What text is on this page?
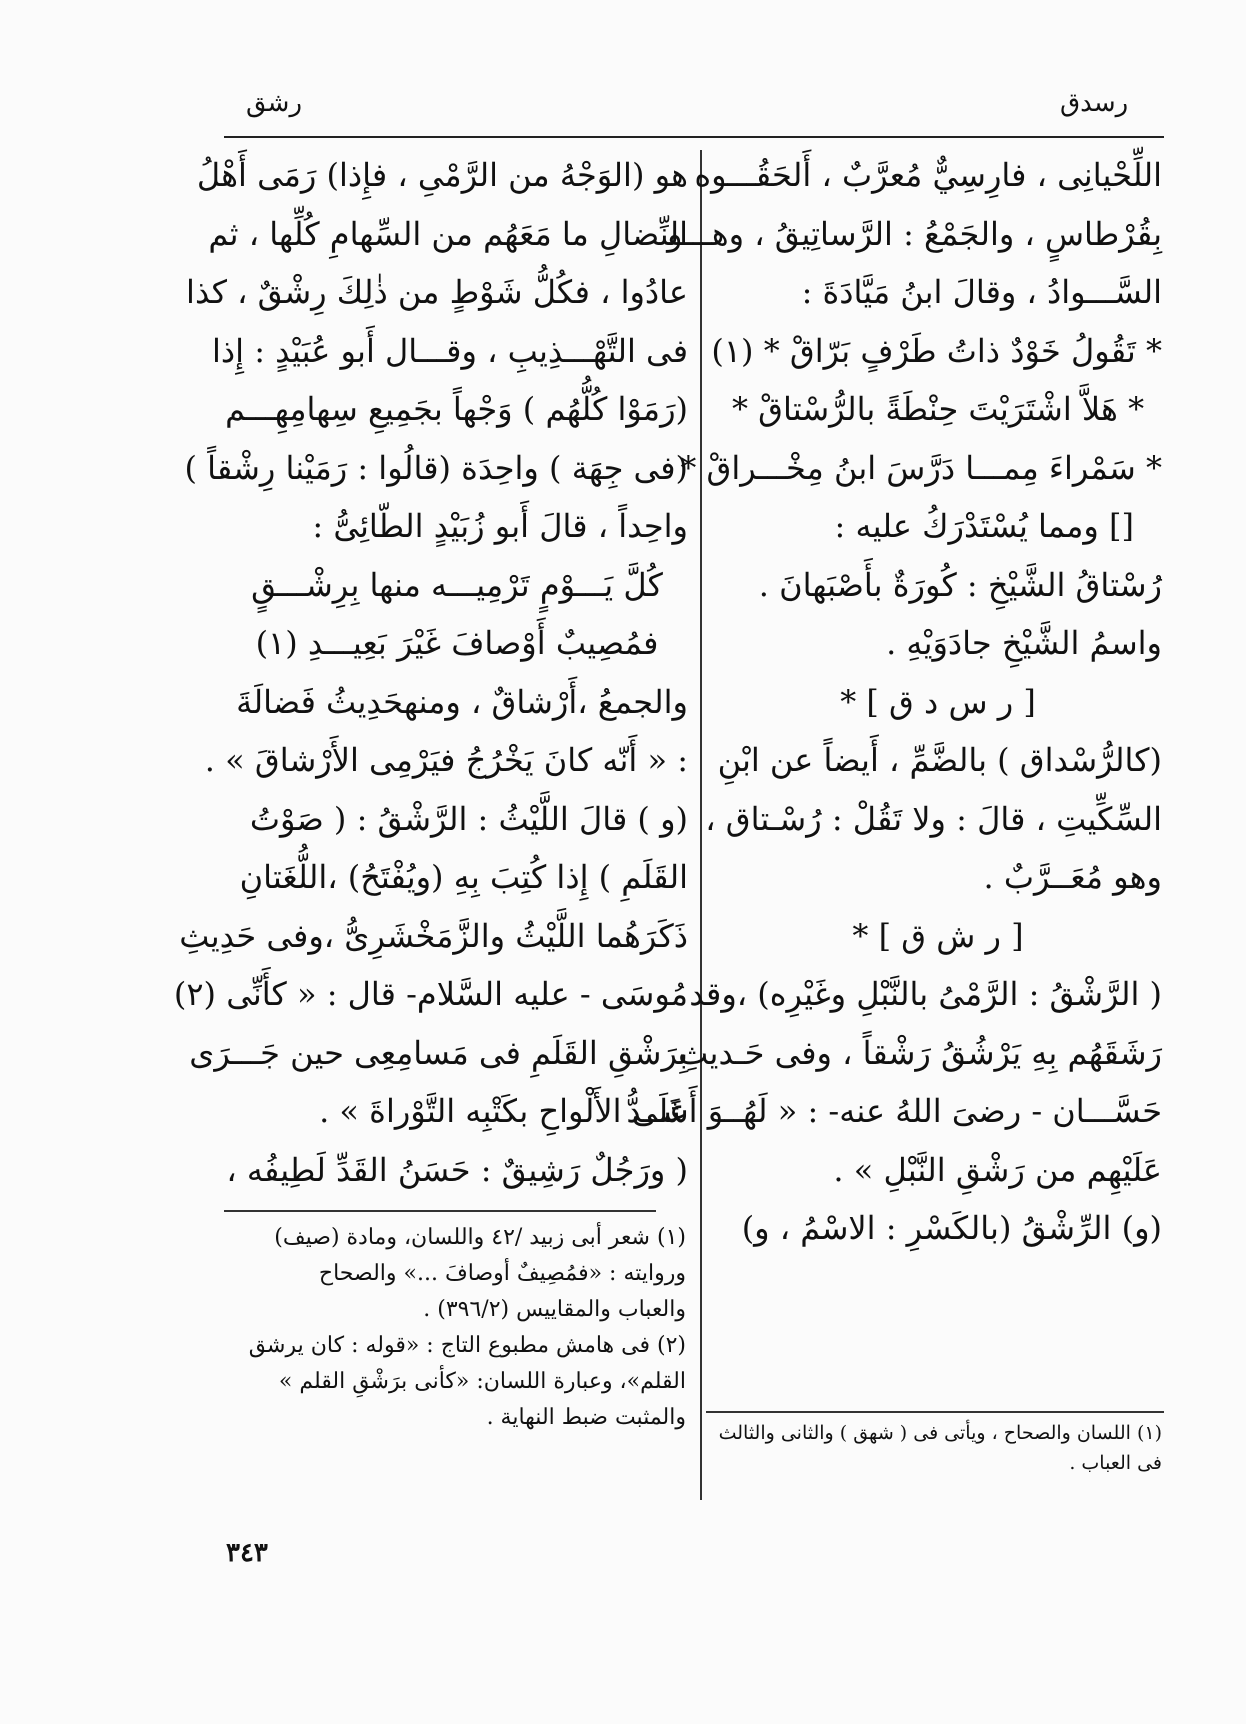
رشق	رسدق
اللِّحْيانِى ، فارِسِيٌّ مُعرَّبٌ ، أَلحَقُـــوه
بِقُرْطاسٍ ، والجَمْعُ : الرَّساتِيقُ ، وهـــو
السَّـــوادُ ، وقالَ ابنُ مَيَّادَةَ :
* تَقُولُ خَوْدٌ ذاتُ طَرْفٍ بَرّاقْ * (١)
* هَلاَّ اشْتَرَيْتَ حِنْطَةً بالرُّسْتاقْ *
* سَمْراءَ مِمـــا دَرَّسَ ابنُ مِخْـــراقْ *
[] ومما يُسْتَدْرَكُ عليه :
رُسْتاقُ الشَّيْخِ : كُورَةٌ بأَصْبَهانَ .
واسمُ الشَّيْخِ جادَوَيْهِ .
[ ر س د ق ] *
(كالرُّسْداق ) بالضَّمِّ ، أَيضاً عن ابْنِ
السِّكِّيتِ ، قالَ : ولا تَقُلْ : رُسْـتاق ،
وهو مُعَــرَّبٌ .
[ ر ش ق ] *
( الرَّشْقُ : الرَّمْىُ بالنَّبْلِ وغَيْرِه) ،وقد
رَشَقَهُم بِهِ يَرْشُقُ رَشْقاً ، وفى حَـديثِ
حَسَّـــان - رضىَ اللهُ عنه- : « لَهُــوَ أَشَــدُّ
عَلَيْهِم من رَشْقِ النَّبْلِ » .
(و) الرِّشْقُ (بالكَسْرِ : الاسْمُ ، و)
(١) اللسان والصحاح ، ويأتى فى ( شهق ) والثانى والثالث فى العباب .
هو (الوَجْهُ من الرَّمْىِ ، فإِذا) رَمَى أَهْلُ
النِّضالِ ما مَعَهُم من السِّهامِ كُلِّها ، ثم
عادُوا ، فكُلُّ شَوْطٍ من ذٰلِكَ رِشْقٌ ، كذا
فى التَّهْـــذِيبِ ، وقـــال أَبو عُبَيْدٍ : إِذا
(رَمَوْا كُلُّهُم ) وَجْهاً بجَمِيعِ سِهامِهِـــم
(فى جِهَة ) واحِدَة (قالُوا : رَمَيْنا رِشْقاً )
واحِداً ، قالَ أَبو زُبَيْدٍ الطّائِىُّ :
كُلَّ يَـــوْمٍ تَرْمِيـــه منها بِرِشْـــقٍ
فمُصِيبٌ أَوْصافَ غَيْرَ بَعِيـــدِ (١)
والجمعُ ،أَرْشاقٌ ، ومنهحَدِيثُ فَضالَةَ
: « أَنّه كانَ يَخْرُجُ فيَرْمِى الأَرْشاقَ » .
(و ) قالَ اللَّيْثُ : الرَّشْقُ : ( صَوْتُ
القَلَمِ ) إِذا كُتِبَ بِهِ (ويُفْتَحُ) ،اللُّغَتانِ
ذَكَرَهُما اللَّيْثُ والزَّمَخْشَرِىُّ ،وفى حَدِيثِ
مُوسَى - عليه السَّلام- قال : « كأَنِّى (٢)
بِرَشْقِ القَلَمِ فى مَسامِعِى حين جَـــرَى
عَلَى الأَلْواحِ بكَتْبِه التَّوْراةَ » .
( ورَجُلٌ رَشِيقٌ : حَسَنُ القَدِّ لَطِيفُه ،
(١) شعر أبى زبيد /٤٢ واللسان، ومادة (صيف)
وروايته : «فمُصِيفٌ أوصافَ ...» والصحاح
والعباب والمقاييس (٣٩٦/٢) .
(٢) فى هامش مطبوع التاج : «قوله : كان يرشق
القلم»، وعبارة اللسان: «كأنى برَشْقِ القلم »
والمثبت ضبط النهاية .
٣٤٣
